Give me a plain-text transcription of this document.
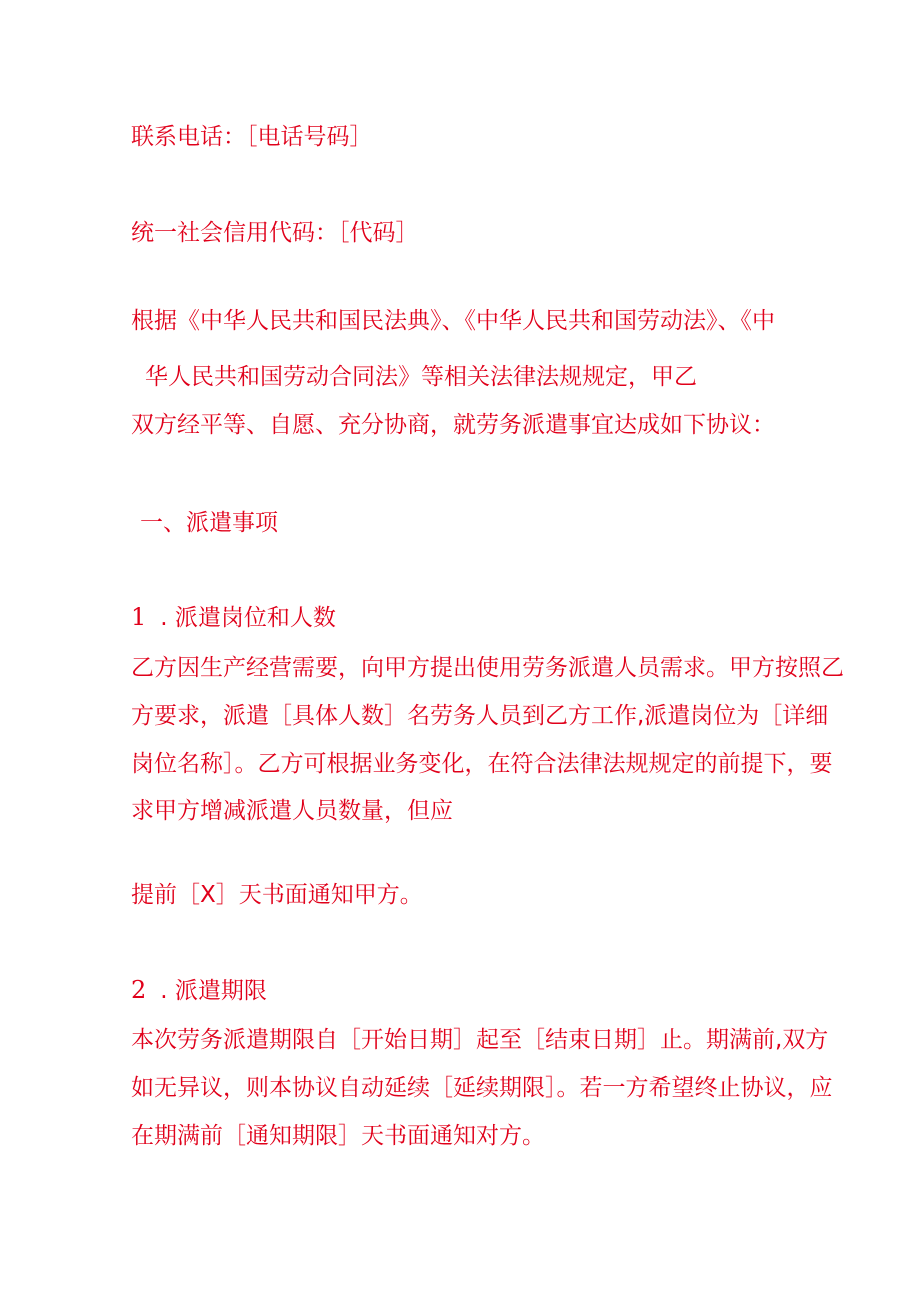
联系电话：［电话号码］
统一社会信用代码：［代码］
根据《中华人民共和国民法典》、《中华人民共和国劳动法》、《中
华人民共和国劳动合同法》等相关法律法规规定，甲乙
双方经平等、自愿、充分协商，就劳务派遣事宜达成如下协议：
一、派遣事项
1 . 派遣岗位和人数
乙方因生产经营需要，向甲方提出使用劳务派遣人员需求。甲方按照乙
方要求，派遣［具体人数］名劳务人员到乙方工作,派遣岗位为［详细
岗位名称］。乙方可根据业务变化，在符合法律法规规定的前提下，要
求甲方增减派遣人员数量，但应
提前［X］天书面通知甲方。
2 . 派遣期限
本次劳务派遣期限自［开始日期］起至［结束日期］止。期满前,双方
如无异议，则本协议自动延续［延续期限］。若一方希望终止协议，应
在期满前［通知期限］天书面通知对方。
